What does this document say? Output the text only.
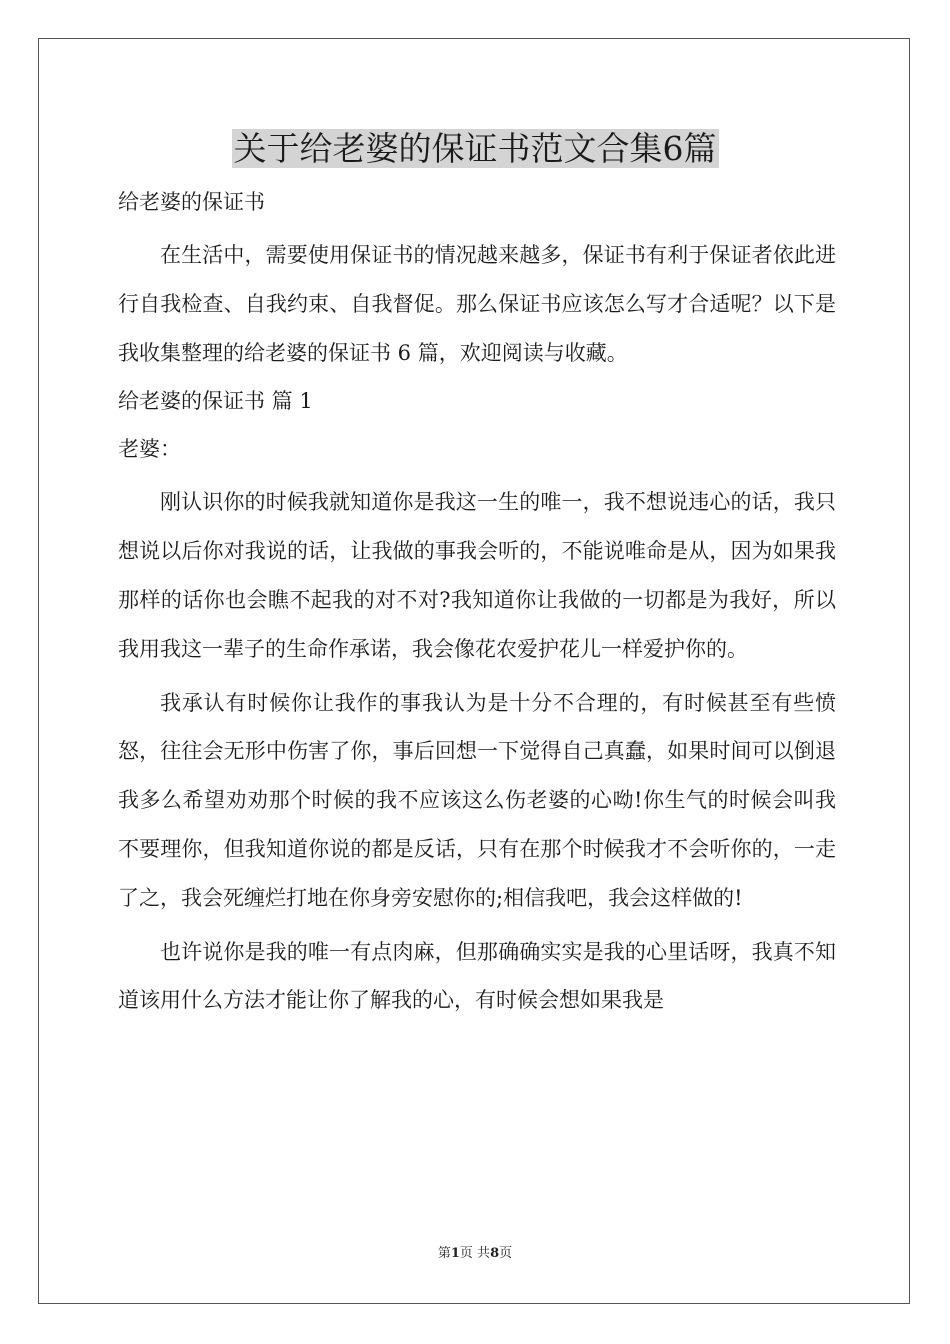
关于给老婆的保证书范文合集6篇

给老婆的保证书

在生活中，需要使用保证书的情况越来越多，保证书有利于保证者依此进行自我检查、自我约束、自我督促。那么保证书应该怎么写才合适呢？以下是我收集整理的给老婆的保证书 6 篇，欢迎阅读与收藏。

给老婆的保证书 篇 1

老婆：

刚认识你的时候我就知道你是我这一生的唯一，我不想说违心的话，我只想说以后你对我说的话，让我做的事我会听的，不能说唯命是从，因为如果我那样的话你也会瞧不起我的对不对?我知道你让我做的一切都是为我好，所以我用我这一辈子的生命作承诺，我会像花农爱护花儿一样爱护你的。

我承认有时候你让我作的事我认为是十分不合理的，有时候甚至有些愤怒，往往会无形中伤害了你，事后回想一下觉得自己真蠢，如果时间可以倒退我多么希望劝劝那个时候的我不应该这么伤老婆的心呦!你生气的时候会叫我不要理你，但我知道你说的都是反话，只有在那个时候我才不会听你的，一走了之，我会死缠烂打地在你身旁安慰你的;相信我吧，我会这样做的!

也许说你是我的唯一有点肉麻，但那确确实实是我的心里话呀，我真不知道该用什么方法才能让你了解我的心，有时候会想如果我是

第1页 共8页
